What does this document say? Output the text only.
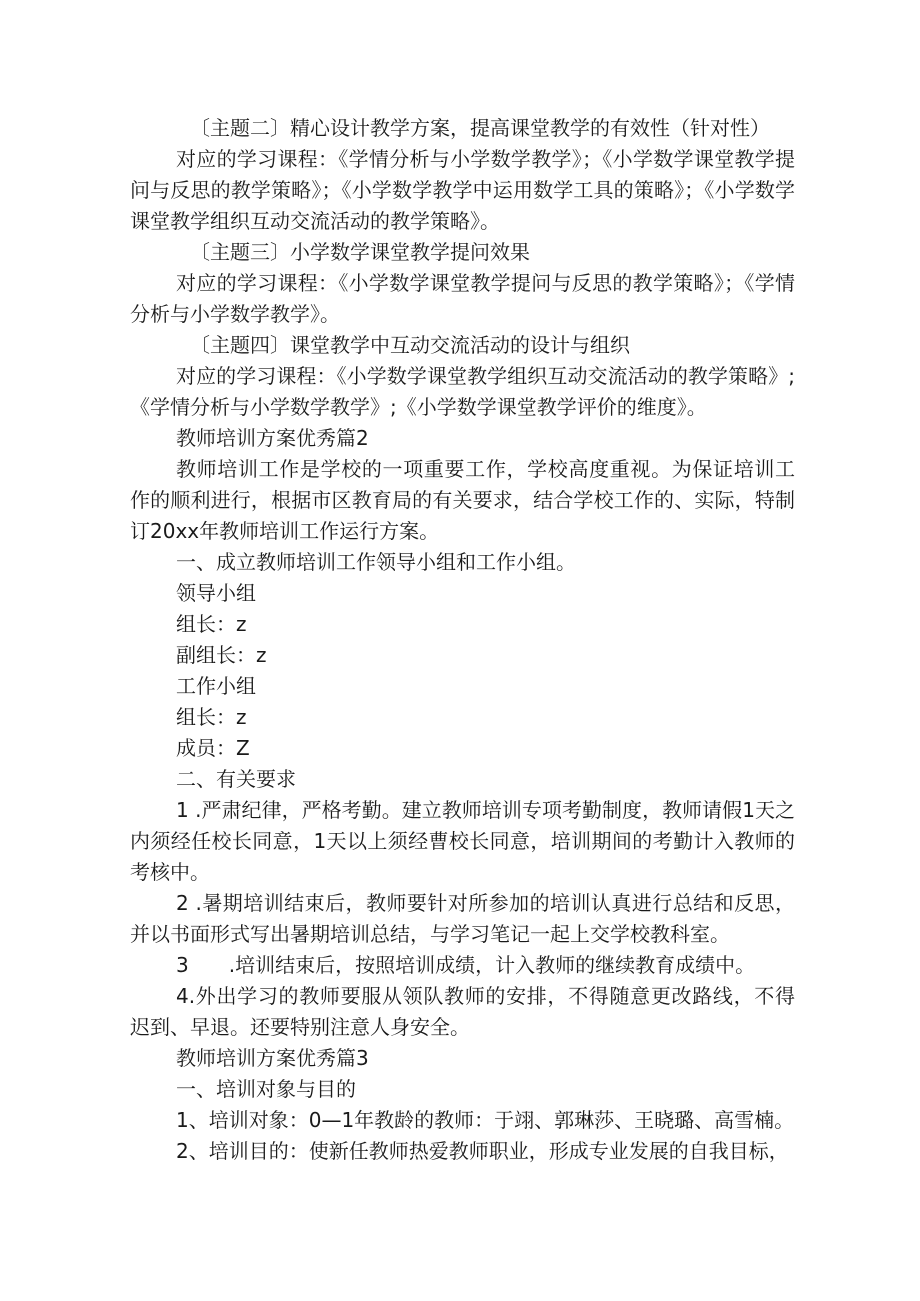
〔主题二〕精心设计教学方案，提高课堂教学的有效性（针对性）

对应的学习课程：《学情分析与小学数学教学》；《小学数学课堂教学提问与反思的教学策略》；《小学数学教学中运用数学工具的策略》；《小学数学课堂教学组织互动交流活动的教学策略》。

〔主题三〕小学数学课堂教学提问效果

对应的学习课程：《小学数学课堂教学提问与反思的教学策略》；《学情分析与小学数学教学》。

〔主题四〕课堂教学中互动交流活动的设计与组织

对应的学习课程：《小学数学课堂教学组织互动交流活动的教学策略》;《学情分析与小学数学教学》;《小学数学课堂教学评价的维度》。

教师培训方案优秀篇2

教师培训工作是学校的一项重要工作，学校高度重视。为保证培训工作的顺利进行，根据市区教育局的有关要求，结合学校工作的、实际，特制订20xx年教师培训工作运行方案。

一、成立教师培训工作领导小组和工作小组。

领导小组

组长：z

副组长：z

工作小组

组长：z

成员：Z

二、有关要求

1 .严肃纪律，严格考勤。建立教师培训专项考勤制度，教师请假1天之内须经任校长同意，1天以上须经曹校长同意，培训期间的考勤计入教师的考核中。

2 .暑期培训结束后，教师要针对所参加的培训认真进行总结和反思，并以书面形式写出暑期培训总结，与学习笔记一起上交学校教科室。

3　　.培训结束后，按照培训成绩，计入教师的继续教育成绩中。

4.外出学习的教师要服从领队教师的安排，不得随意更改路线，不得迟到、早退。还要特别注意人身安全。

教师培训方案优秀篇3

一、培训对象与目的

1、培训对象：0—1年教龄的教师：于翊、郭琳莎、王晓璐、高雪楠。

2、培训目的：使新任教师热爱教师职业，形成专业发展的自我目标，
